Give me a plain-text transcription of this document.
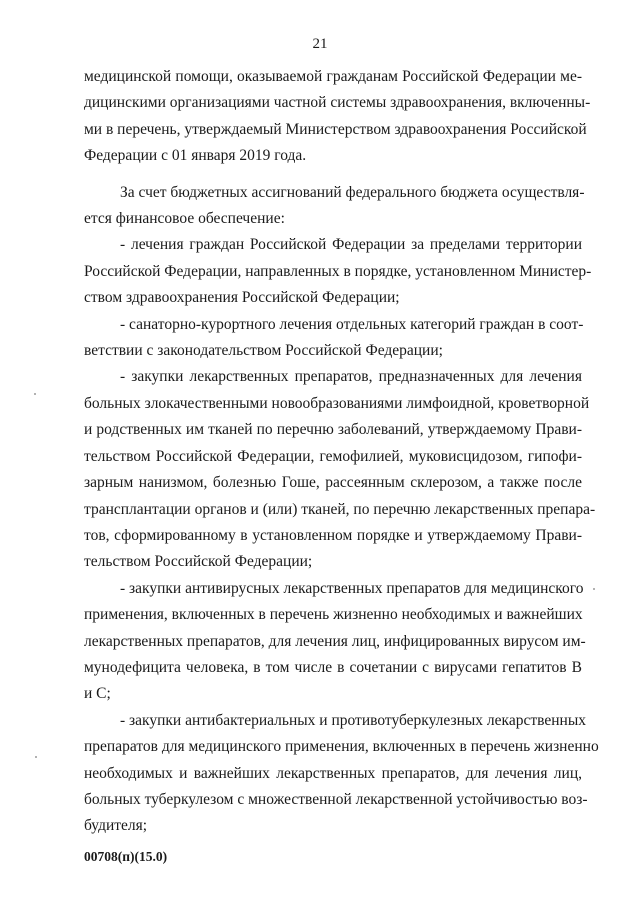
21

медицинской помощи, оказываемой гражданам Российской Федерации ме-
дицинскими организациями частной системы здравоохранения, включенны-
ми в перечень, утверждаемый Министерством здравоохранения Российской
Федерации с 01 января 2019 года.

За счет бюджетных ассигнований федерального бюджета осуществля-
ется финансовое обеспечение:

- лечения граждан Российской Федерации за пределами территории
Российской Федерации, направленных в порядке, установленном Министер-
ством здравоохранения Российской Федерации;

- санаторно-курортного лечения отдельных категорий граждан в соот-
ветствии с законодательством Российской Федерации;

- закупки лекарственных препаратов, предназначенных для лечения
больных злокачественными новообразованиями лимфоидной, кроветворной
и родственных им тканей по перечню заболеваний, утверждаемому Прави-
тельством Российской Федерации, гемофилией, муковисцидозом, гипофи-
зарным нанизмом, болезнью Гоше, рассеянным склерозом, а также после
трансплантации органов и (или) тканей, по перечню лекарственных препара-
тов, сформированному в установленном порядке и утверждаемому Прави-
тельством Российской Федерации;

- закупки антивирусных лекарственных препаратов для медицинского
применения, включенных в перечень жизненно необходимых и важнейших
лекарственных препаратов, для лечения лиц, инфицированных вирусом им-
мунодефицита человека, в том числе в сочетании с вирусами гепатитов В
и С;

- закупки антибактериальных и противотуберкулезных лекарственных
препаратов для медицинского применения, включенных в перечень жизненно
необходимых и важнейших лекарственных препаратов, для лечения лиц,
больных туберкулезом с множественной лекарственной устойчивостью воз-
будителя;

00708(п)(15.0)
